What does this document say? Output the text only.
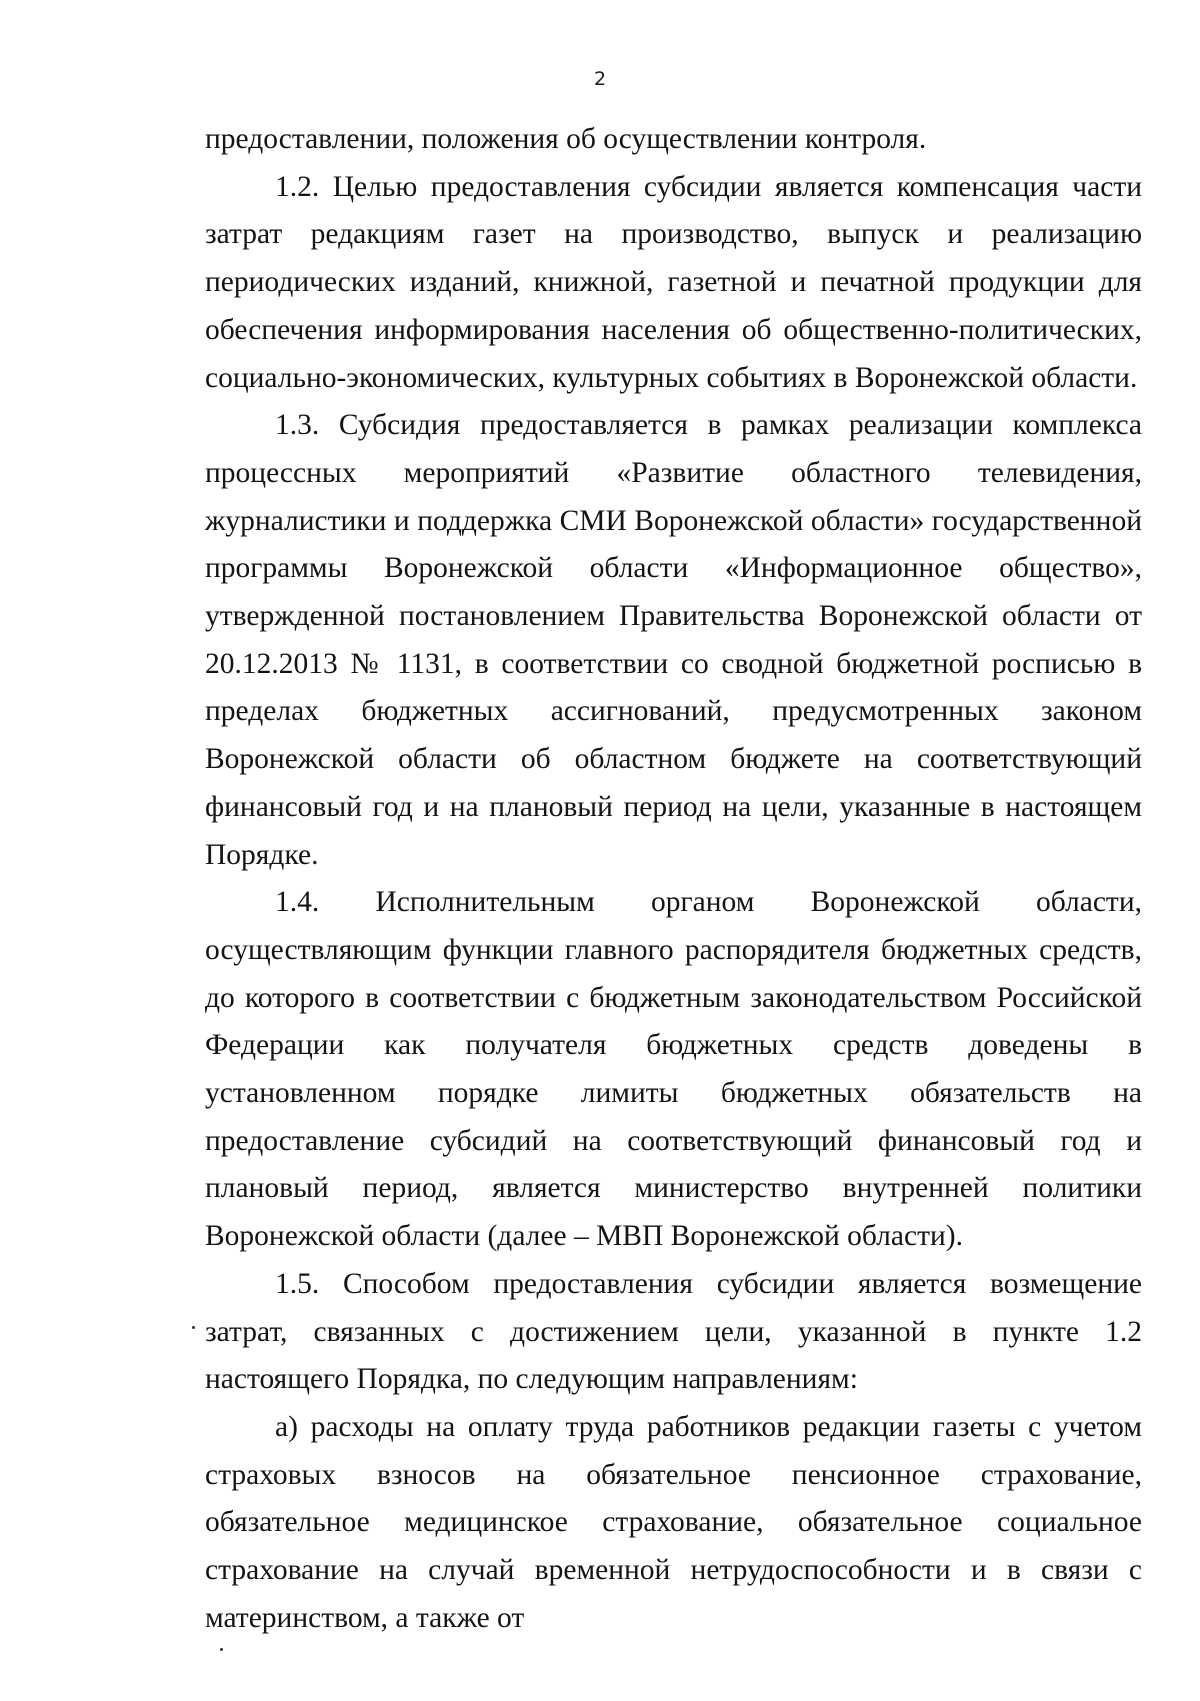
2

предоставлении, положения об осуществлении контроля.

1.2. Целью предоставления субсидии является компенсация части затрат редакциям газет на производство, выпуск и реализацию периодических изданий, книжной, газетной и печатной продукции для обеспечения информирования населения об общественно-политических, социально-экономических, культурных событиях в Воронежской области.

1.3. Субсидия предоставляется в рамках реализации комплекса процессных мероприятий «Развитие областного телевидения, журналистики и поддержка СМИ Воронежской области» государственной программы Воронежской области «Информационное общество», утвержденной постановлением Правительства Воронежской области от 20.12.2013 № 1131, в соответствии со сводной бюджетной росписью в пределах бюджетных ассигнований, предусмотренных законом Воронежской области об областном бюджете на соответствующий финансовый год и на плановый период на цели, указанные в настоящем Порядке.

1.4. Исполнительным органом Воронежской области, осуществляющим функции главного распорядителя бюджетных средств, до которого в соответствии с бюджетным законодательством Российской Федерации как получателя бюджетных средств доведены в установленном порядке лимиты бюджетных обязательств на предоставление субсидий на соответствующий финансовый год и плановый период, является министерство внутренней политики Воронежской области (далее – МВП Воронежской области).

1.5. Способом предоставления субсидии является возмещение затрат, связанных с достижением цели, указанной в пункте 1.2 настоящего Порядка, по следующим направлениям:

а) расходы на оплату труда работников редакции газеты с учетом страховых взносов на обязательное пенсионное страхование, обязательное медицинское страхование, обязательное социальное страхование на случай временной нетрудоспособности и в связи с материнством, а также от
